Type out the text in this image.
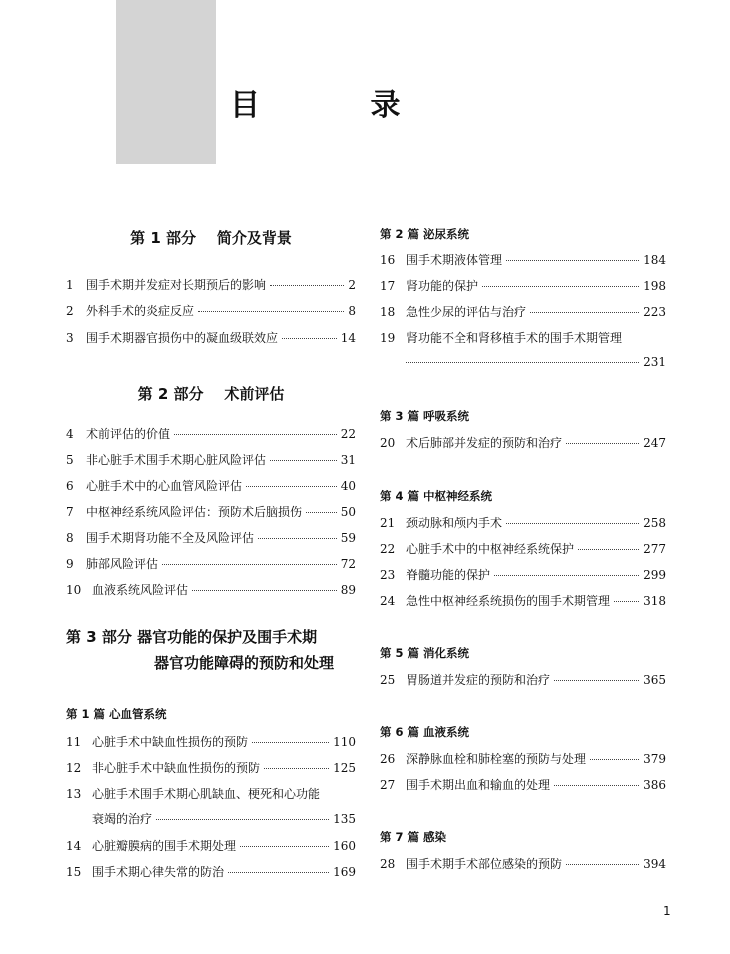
目 录
第 1 部分 简介及背景
1	围手术期并发症对长期预后的影响	2
2	外科手术的炎症反应	8
3	围手术期器官损伤中的凝血级联效应	14
第 2 部分 术前评估
4	术前评估的价值	22
5	非心脏手术围手术期心脏风险评估	31
6	心脏手术中的心血管风险评估	40
7	中枢神经系统风险评估：预防术后脑损伤	50
8	围手术期肾功能不全及风险评估	59
9	肺部风险评估	72
10 血液系统风险评估	89
第 3 部分 器官功能的保护及围手术期
器官功能障碍的预防和处理
第 1 篇 心血管系统
11 心脏手术中缺血性损伤的预防	110
12 非心脏手术中缺血性损伤的预防	125
13 心脏手术围手术期心肌缺血、梗死和心功能
衰竭的治疗	135
14 心脏瓣膜病的围手术期处理	160
15 围手术期心律失常的防治	169
第 2 篇 泌尿系统
16 围手术期液体管理	184
17 肾功能的保护	198
18 急性少尿的评估与治疗	223
19 肾功能不全和肾移植手术的围手术期管理
231
第 3 篇 呼吸系统
20 术后肺部并发症的预防和治疗	247
第 4 篇 中枢神经系统
21 颈动脉和颅内手术	258
22 心脏手术中的中枢神经系统保护	277
23 脊髓功能的保护	299
24 急性中枢神经系统损伤的围手术期管理	318
第 5 篇 消化系统
25 胃肠道并发症的预防和治疗	365
第 6 篇 血液系统
26 深静脉血栓和肺栓塞的预防与处理	379
27 围手术期出血和输血的处理	386
第 7 篇 感染
28 围手术期手术部位感染的预防	394
1
